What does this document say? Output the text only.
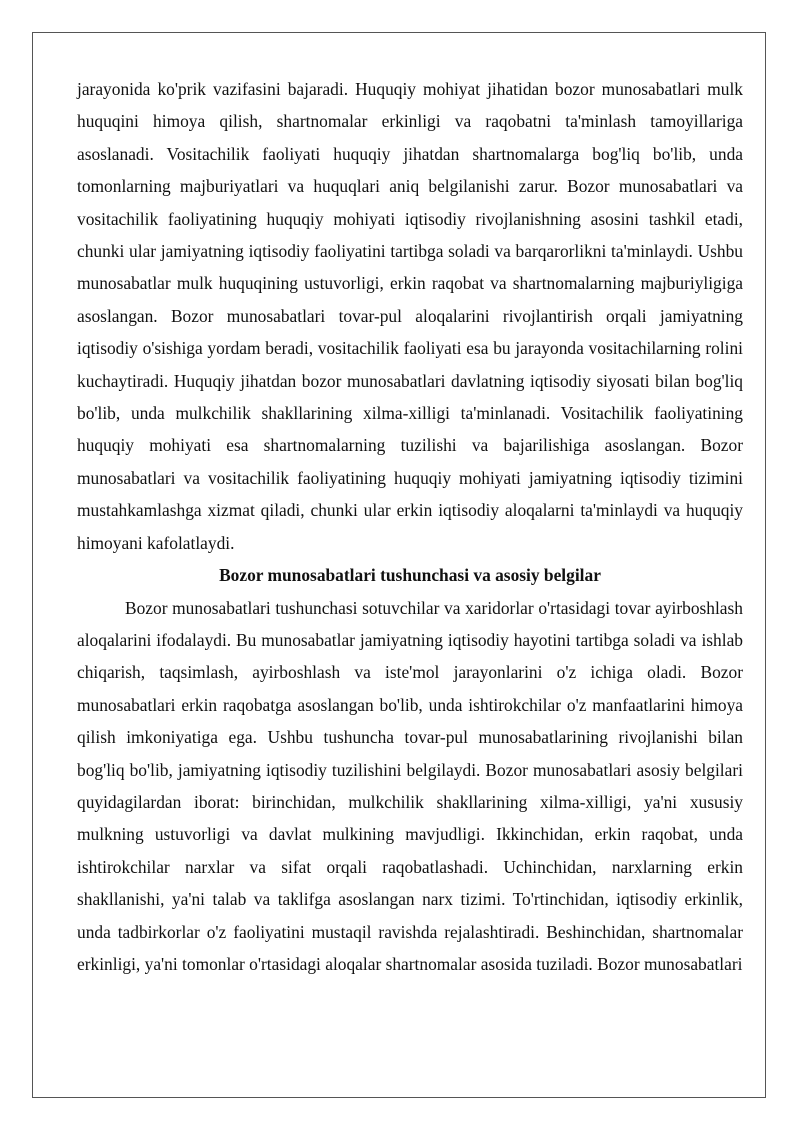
jarayonida ko'prik vazifasini bajaradi. Huquqiy mohiyat jihatidan bozor munosabatlari mulk huquqini himoya qilish, shartnomalar erkinligi va raqobatni ta'minlash tamoyillariga asoslanadi. Vositachilik faoliyati huquqiy jihatdan shartnomalarga bog'liq bo'lib, unda tomonlarning majburiyatlari va huquqlari aniq belgilanishi zarur. Bozor munosabatlari va vositachilik faoliyatining huquqiy mohiyati iqtisodiy rivojlanishning asosini tashkil etadi, chunki ular jamiyatning iqtisodiy faoliyatini tartibga soladi va barqarorlikni ta'minlaydi. Ushbu munosabatlar mulk huquqining ustuvorligi, erkin raqobat va shartnomalarning majburiyligiga asoslangan. Bozor munosabatlari tovar-pul aloqalarini rivojlantirish orqali jamiyatning iqtisodiy o'sishiga yordam beradi, vositachilik faoliyati esa bu jarayonda vositachilarning rolini kuchaytiradi. Huquqiy jihatdan bozor munosabatlari davlatning iqtisodiy siyosati bilan bog'liq bo'lib, unda mulkchilik shakllarining xilma-xilligi ta'minlanadi. Vositachilik faoliyatining huquqiy mohiyati esa shartnomalarning tuzilishi va bajarilishiga asoslangan. Bozor munosabatlari va vositachilik faoliyatining huquqiy mohiyati jamiyatning iqtisodiy tizimini mustahkamlashga xizmat qiladi, chunki ular erkin iqtisodiy aloqalarni ta'minlaydi va huquqiy himoyani kafolatlaydi.

Bozor munosabatlari tushunchasi va asosiy belgilar

Bozor munosabatlari tushunchasi sotuvchilar va xaridorlar o'rtasidagi tovar ayirboshlash aloqalarini ifodalaydi. Bu munosabatlar jamiyatning iqtisodiy hayotini tartibga soladi va ishlab chiqarish, taqsimlash, ayirboshlash va iste'mol jarayonlarini o'z ichiga oladi. Bozor munosabatlari erkin raqobatga asoslangan bo'lib, unda ishtirokchilar o'z manfaatlarini himoya qilish imkoniyatiga ega. Ushbu tushuncha tovar-pul munosabatlarining rivojlanishi bilan bog'liq bo'lib, jamiyatning iqtisodiy tuzilishini belgilaydi. Bozor munosabatlari asosiy belgilari quyidagilardan iborat: birinchidan, mulkchilik shakllarining xilma-xilligi, ya'ni xususiy mulkning ustuvorligi va davlat mulkining mavjudligi. Ikkinchidan, erkin raqobat, unda ishtirokchilar narxlar va sifat orqali raqobatlashadi. Uchinchidan, narxlarning erkin shakllanishi, ya'ni talab va taklifga asoslangan narx tizimi. To'rtinchidan, iqtisodiy erkinlik, unda tadbirkorlar o'z faoliyatini mustaqil ravishda rejalashtiradi. Beshinchidan, shartnomalar erkinligi, ya'ni tomonlar o'rtasidagi aloqalar shartnomalar asosida tuziladi. Bozor munosabatlari
